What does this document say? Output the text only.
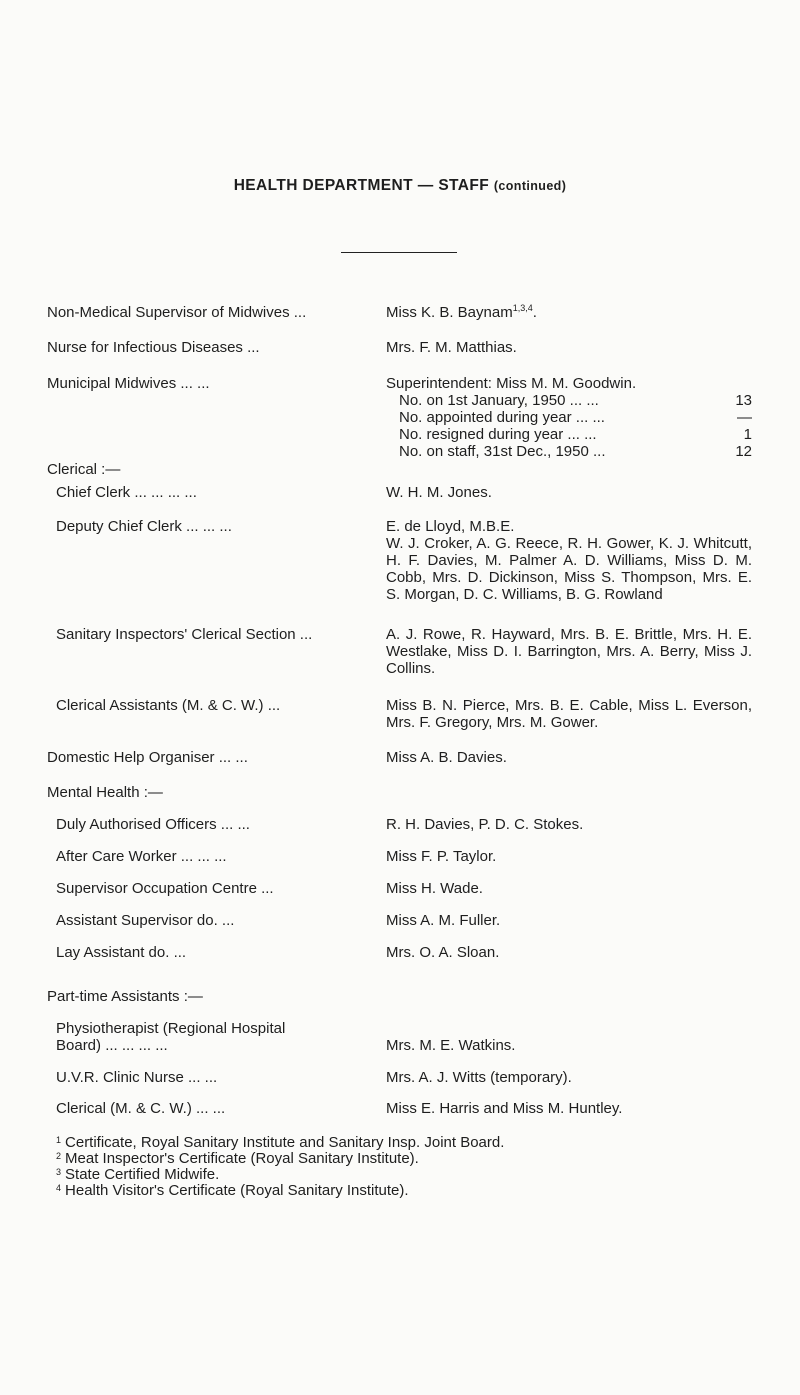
HEALTH DEPARTMENT — STAFF (continued)
Non-Medical Supervisor of Midwives ...	Miss K. B. Baynam$^{1,3,4}$.
Nurse for Infectious Diseases ...	Mrs. F. M. Matthias.
Municipal Midwives ... ...	Superintendent: Miss M. M. Goodwin.
No. on 1st January, 1950 ... ...	13
No. appointed during year ... ...	—
No. resigned during year ... ...	1
No. on staff, 31st Dec., 1950 ...	12
Clerical :—
Chief Clerk ... ... ... ...	W. H. M. Jones.
Deputy Chief Clerk ... ... ...	E. de Lloyd, M.B.E.
W. J. Croker, A. G. Reece, R. H. Gower, K. J. Whitcutt, H. F. Davies, M. Palmer A. D. Williams, Miss D. M. Cobb, Mrs. D. Dickinson, Miss S. Thompson, Mrs. E. S. Morgan, D. C. Williams, B. G. Rowland
Sanitary Inspectors' Clerical Section ...	A. J. Rowe, R. Hayward, Mrs. B. E. Brittle, Mrs. H. E. Westlake, Miss D. I. Barrington, Mrs. A. Berry, Miss J. Collins.
Clerical Assistants (M. & C. W.) ...	Miss B. N. Pierce, Mrs. B. E. Cable, Miss L. Everson, Mrs. F. Gregory, Mrs. M. Gower.
Domestic Help Organiser ... ...	Miss A. B. Davies.
Mental Health :—
Duly Authorised Officers ... ...	R. H. Davies, P. D. C. Stokes.
After Care Worker ... ... ...	Miss F. P. Taylor.
Supervisor Occupation Centre ...	Miss H. Wade.
Assistant Supervisor do. ...	Miss A. M. Fuller.
Lay Assistant do. ...	Mrs. O. A. Sloan.
Part-time Assistants :—
Physiotherapist (Regional Hospital
Board) ... ... ... ...	Mrs. M. E. Watkins.
U.V.R. Clinic Nurse ... ...	Mrs. A. J. Witts (temporary).
Clerical (M. & C. W.) ... ...	Miss E. Harris and Miss M. Huntley.
$^1$ Certificate, Royal Sanitary Institute and Sanitary Insp. Joint Board.
$^2$ Meat Inspector's Certificate (Royal Sanitary Institute).
$^3$ State Certified Midwife.
$^4$ Health Visitor's Certificate (Royal Sanitary Institute).
